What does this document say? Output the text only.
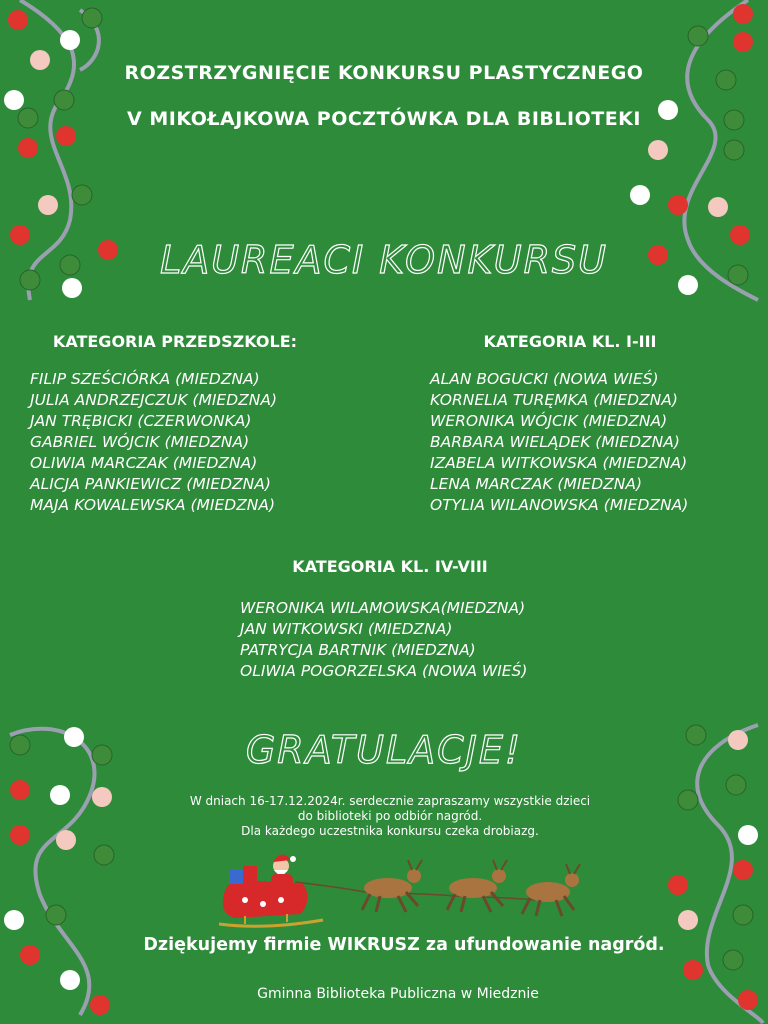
ROZSTRZYGNIĘCIE KONKURSU PLASTYCZNEGO
V MIKOŁAJKOWA POCZTÓWKA DLA BIBLIOTEKI
LAUREACI KONKURSU
KATEGORIA PRZEDSZKOLE:
FILIP SZEŚCIÓRKA (MIEDZNA)
JULIA ANDRZEJCZUK (MIEDZNA)
JAN TRĘBICKI (CZERWONKA)
GABRIEL WÓJCIK (MIEDZNA)
OLIWIA MARCZAK (MIEDZNA)
ALICJA PANKIEWICZ (MIEDZNA)
MAJA KOWALEWSKA (MIEDZNA)
KATEGORIA KL. I-III
ALAN BOGUCKI (NOWA WIEŚ)
KORNELIA TURĘMKA (MIEDZNA)
WERONIKA WÓJCIK (MIEDZNA)
BARBARA WIELĄDEK (MIEDZNA)
IZABELA WITKOWSKA (MIEDZNA)
LENA MARCZAK (MIEDZNA)
OTYLIA WILANOWSKA (MIEDZNA)
KATEGORIA KL. IV-VIII
WERONIKA WILAMOWSKA(MIEDZNA)
JAN WITKOWSKI (MIEDZNA)
PATRYCJA BARTNIK (MIEDZNA)
OLIWIA POGORZELSKA (NOWA WIEŚ)
GRATULACJE!
W dniach 16-17.12.2024r. serdecznie zapraszamy wszystkie dzieci
do biblioteki po odbiór nagród.
Dla każdego uczestnika konkursu czeka drobiazg.
Dziękujemy firmie WIKRUSZ za ufundowanie nagród.
Gminna Biblioteka Publiczna w Miedznie
